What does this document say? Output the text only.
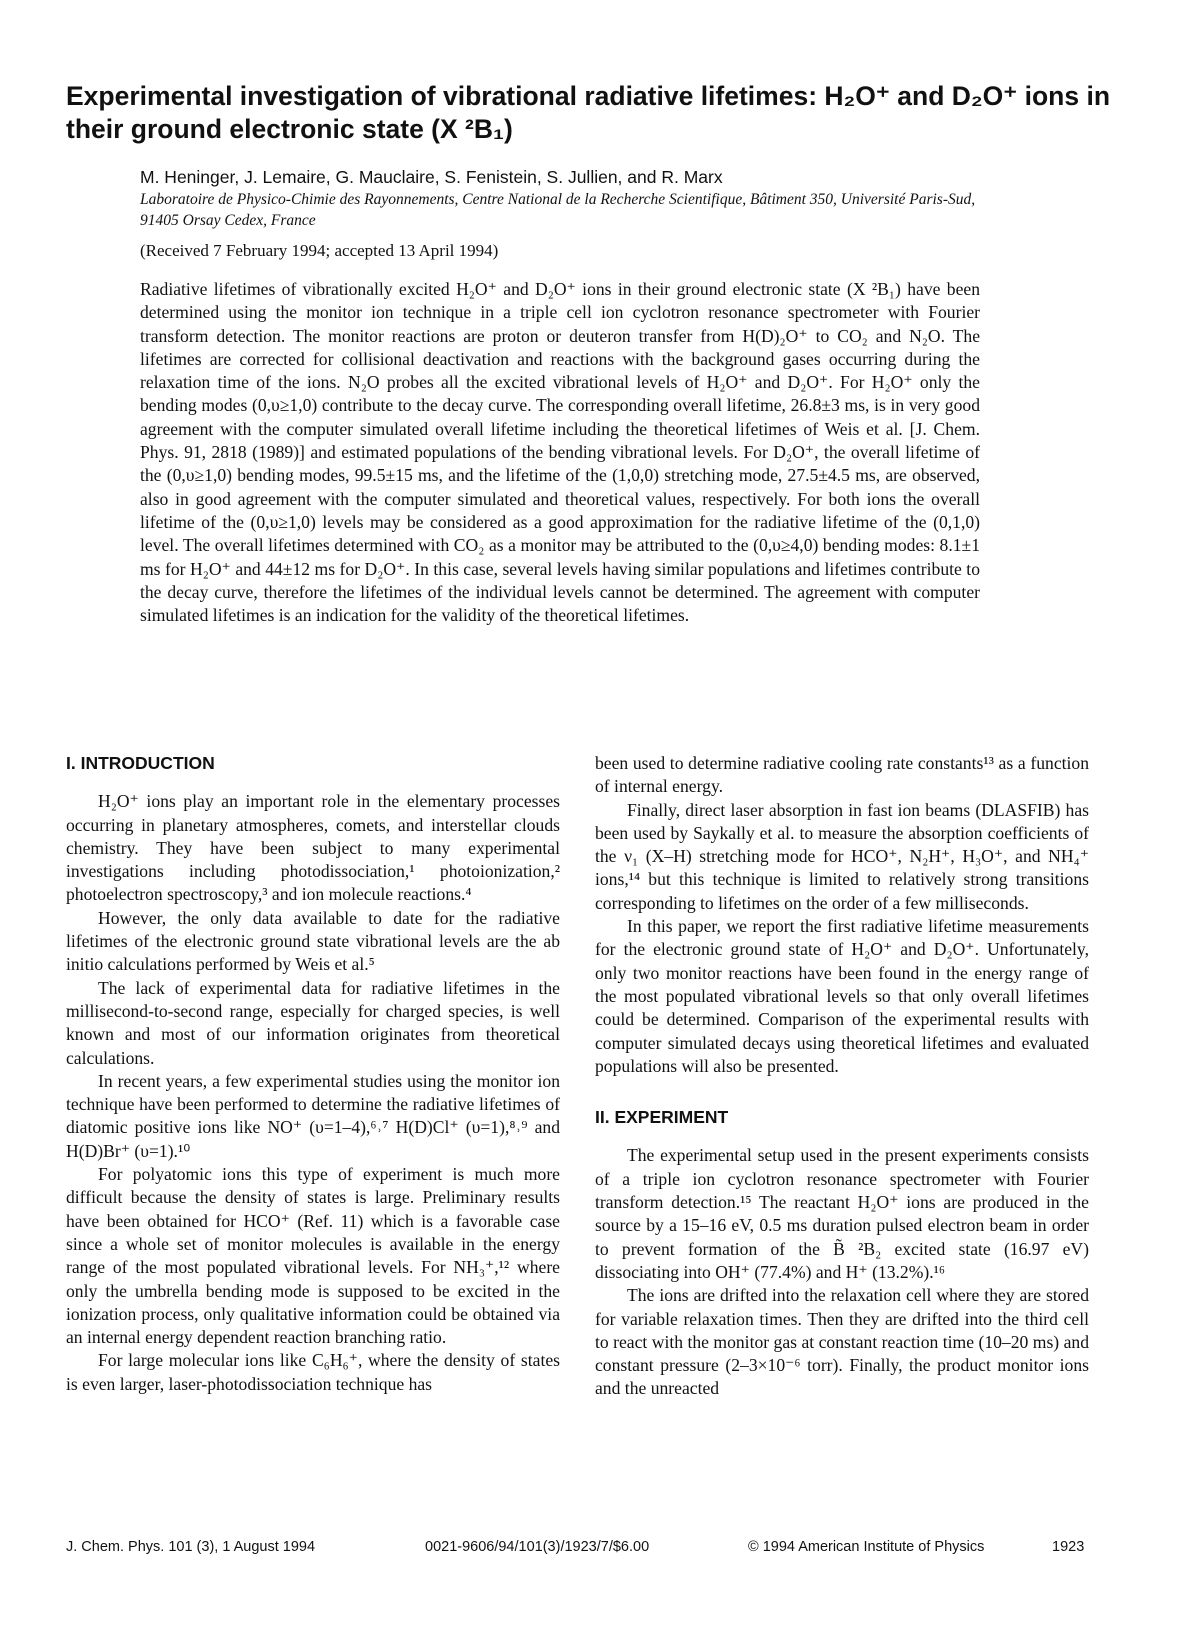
Experimental investigation of vibrational radiative lifetimes: H₂O⁺ and D₂O⁺ ions in their ground electronic state (X ²B₁)

M. Heninger, J. Lemaire, G. Mauclaire, S. Fenistein, S. Jullien, and R. Marx

Laboratoire de Physico-Chimie des Rayonnements, Centre National de la Recherche Scientifique, Bâtiment 350, Université Paris-Sud, 91405 Orsay Cedex, France

(Received 7 February 1994; accepted 13 April 1994)

Radiative lifetimes of vibrationally excited H₂O⁺ and D₂O⁺ ions in their ground electronic state (X ²B₁) have been determined using the monitor ion technique in a triple cell ion cyclotron resonance spectrometer with Fourier transform detection. The monitor reactions are proton or deuteron transfer from H(D)₂O⁺ to CO₂ and N₂O. The lifetimes are corrected for collisional deactivation and reactions with the background gases occurring during the relaxation time of the ions. N₂O probes all the excited vibrational levels of H₂O⁺ and D₂O⁺. For H₂O⁺ only the bending modes (0,υ≥1,0) contribute to the decay curve. The corresponding overall lifetime, 26.8±3 ms, is in very good agreement with the computer simulated overall lifetime including the theoretical lifetimes of Weis et al. [J. Chem. Phys. 91, 2818 (1989)] and estimated populations of the bending vibrational levels. For D₂O⁺, the overall lifetime of the (0,υ≥1,0) bending modes, 99.5±15 ms, and the lifetime of the (1,0,0) stretching mode, 27.5±4.5 ms, are observed, also in good agreement with the computer simulated and theoretical values, respectively. For both ions the overall lifetime of the (0,υ≥1,0) levels may be considered as a good approximation for the radiative lifetime of the (0,1,0) level. The overall lifetimes determined with CO₂ as a monitor may be attributed to the (0,υ≥4,0) bending modes: 8.1±1 ms for H₂O⁺ and 44±12 ms for D₂O⁺. In this case, several levels having similar populations and lifetimes contribute to the decay curve, therefore the lifetimes of the individual levels cannot be determined. The agreement with computer simulated lifetimes is an indication for the validity of the theoretical lifetimes.

I. INTRODUCTION

H₂O⁺ ions play an important role in the elementary processes occurring in planetary atmospheres, comets, and interstellar clouds chemistry. They have been subject to many experimental investigations including photodissociation,¹ photoionization,² photoelectron spectroscopy,³ and ion molecule reactions.⁴

However, the only data available to date for the radiative lifetimes of the electronic ground state vibrational levels are the ab initio calculations performed by Weis et al.⁵

The lack of experimental data for radiative lifetimes in the millisecond-to-second range, especially for charged species, is well known and most of our information originates from theoretical calculations.

In recent years, a few experimental studies using the monitor ion technique have been performed to determine the radiative lifetimes of diatomic positive ions like NO⁺ (υ=1–4),⁶˒⁷ H(D)Cl⁺ (υ=1),⁸˒⁹ and H(D)Br⁺ (υ=1).¹⁰

For polyatomic ions this type of experiment is much more difficult because the density of states is large. Preliminary results have been obtained for HCO⁺ (Ref. 11) which is a favorable case since a whole set of monitor molecules is available in the energy range of the most populated vibrational levels. For NH₃⁺,¹² where only the umbrella bending mode is supposed to be excited in the ionization process, only qualitative information could be obtained via an internal energy dependent reaction branching ratio.

For large molecular ions like C₆H₆⁺, where the density of states is even larger, laser-photodissociation technique has

been used to determine radiative cooling rate constants¹³ as a function of internal energy.

Finally, direct laser absorption in fast ion beams (DLASFIB) has been used by Saykally et al. to measure the absorption coefficients of the ν₁ (X–H) stretching mode for HCO⁺, N₂H⁺, H₃O⁺, and NH₄⁺ ions,¹⁴ but this technique is limited to relatively strong transitions corresponding to lifetimes on the order of a few milliseconds.

In this paper, we report the first radiative lifetime measurements for the electronic ground state of H₂O⁺ and D₂O⁺. Unfortunately, only two monitor reactions have been found in the energy range of the most populated vibrational levels so that only overall lifetimes could be determined. Comparison of the experimental results with computer simulated decays using theoretical lifetimes and evaluated populations will also be presented.

II. EXPERIMENT

The experimental setup used in the present experiments consists of a triple ion cyclotron resonance spectrometer with Fourier transform detection.¹⁵ The reactant H₂O⁺ ions are produced in the source by a 15–16 eV, 0.5 ms duration pulsed electron beam in order to prevent formation of the B̃ ²B₂ excited state (16.97 eV) dissociating into OH⁺ (77.4%) and H⁺ (13.2%).¹⁶

The ions are drifted into the relaxation cell where they are stored for variable relaxation times. Then they are drifted into the third cell to react with the monitor gas at constant reaction time (10–20 ms) and constant pressure (2–3×10⁻⁶ torr). Finally, the product monitor ions and the unreacted

J. Chem. Phys. 101 (3), 1 August 1994	0021-9606/94/101(3)/1923/7/$6.00	© 1994 American Institute of Physics	1923
